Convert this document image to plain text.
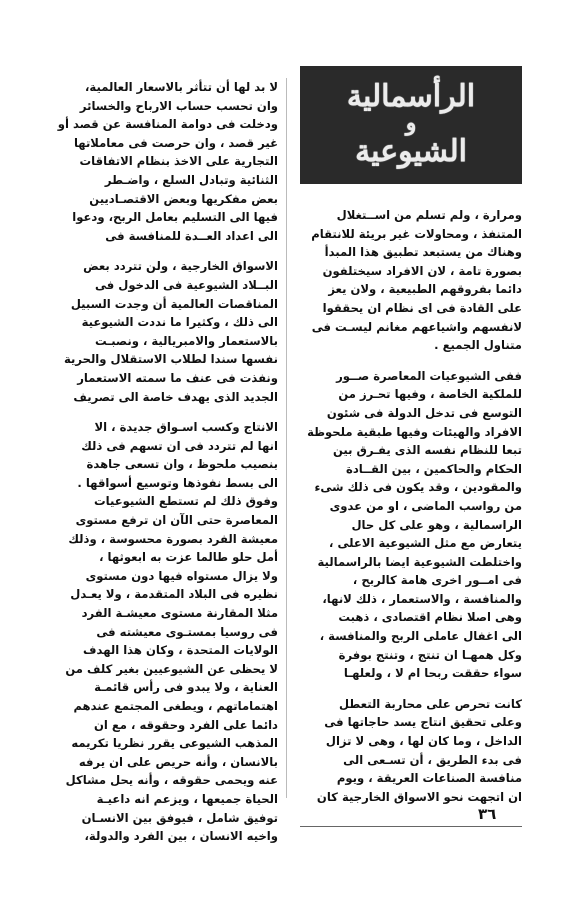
الرأسمالية
و
الشيوعية

ومرارة ، ولم تسلم من اســتغلال

المتنفذ ، ومحاولات غير بريئة للانتقام

وهناك من يستبعد تطبيق هذا المبدأ

بصورة تامة ، لان الافراد سيختلفون

دائما بفروقهم الطبيعية ، ولان يعز

على القادة فى اى نظام ان يحققوا

لانفسهم واشياعهم مغانم ليسـت فى

متناول الجميع .

ففى الشيوعيات المعاصرة صــور

للملكية الخاصة ، وفيها تحـرز من

التوسع فى تدخل الدولة فى شئون

الافراد والهيئات وفيها طبقية ملحوظة

تبعا للنظام نفسه الذى يفـرق بين

الحكام والحاكمين ، بين القــادة

والمقودين ، وقد يكون فى ذلك شىء

من رواسب الماضى ، او من عدوى

الراسمالية ، وهو على كل حال

يتعارض مع مثل الشيوعية الاعلى ،

واختلطت الشيوعية ايضا بالراسمالية

فى امــور اخرى هامة كالربح ،

والمنافسة ، والاستعمار ، ذلك لانها،

وهى اصلا نظام اقتصادى ، ذهبت

الى اغفال عاملى الربح والمنافسة ،

وكل همهـا ان تنتج ، وتنتج بوفرة

سواء حققت ربحا ام لا ، ولعلهـا

كانت تحرص على محاربة التعطل

وعلى تحقيق انتاج يسد حاجاتها فى

الداخل ، وما كان لها ، وهى لا تزال

فى بدء الطريق ، أن تسـعى الى

منافسة الصناعات العريقة ، ويوم

ان اتجهت نحو الاسواق الخارجية كان

لا بد لها أن تتأثر بالاسعار العالمية،

وان تحسب حساب الارباح والخسائر

ودخلت فى دوامة المنافسة عن قصد أو

غير قصد ، وان حرصت فى معاملاتها

التجارية على الاخذ بنظام الاتفاقات

الثنائية وتبادل السلع ، واضـطر

بعض مفكريها وبعض الاقتصـاديين

فيها الى التسليم بعامل الربح، ودعوا

الى اعداد العــدة للمنافسة فى

الاسواق الخارجية ، ولن تتردد بعض

البــلاد الشيوعية فى الدخول فى

المناقصات العالمية أن وجدت السبيل

الى ذلك ، وكثيرا ما نددت الشيوعية

بالاستعمار والامبريالية ، ونصبـت

نفسها سندا لطلاب الاستقلال والحرية

ونفذت فى عنف ما سمته الاستعمار

الجديد الذى يهدف خاصة الى تصريف

الانتاج وكسب اسـواق جديدة ، الا

انها لم تتردد فى ان تسهم فى ذلك

بنصيب ملحوظ ، وان تسعى جاهدة

الى بسط نفوذها وتوسيع أسواقها .

وفوق ذلك لم تستطع الشيوعيات

المعاصرة حتى الآن ان ترفع مستوى

معيشة الفرد بصورة محسوسة ، وذلك

أمل حلو طالما عزت به ابعوثها ،

ولا يزال مستواه فيها دون مستوى

نظيره فى البلاد المتقدمة ، ولا يعـدل

مثلا المقارنة مستوى معيشـة الفرد

فى روسيا بمستـوى معيشته فى

الولايات المتحدة ، وكان هذا الهدف

لا يحظى عن الشيوعيين بغير كلف من

العناية ، ولا يبدو فى رأس قائمـة

اهتماماتهم ، ويطغى المجتمع عندهم

دائما على الفرد وحقوقه ، مع ان

المذهب الشيوعى يقرر نظريا تكريمه

بالانسان ، وأنه حريص على ان يرفه

عنه ويحمى حقوقه ، وأنه يحل مشاكل

الحياة جميعها ، ويزعم انه داعيـة

توفيق شامل ، فيوفق بين الانسـان

واخيه الانسان ، بين الفرد والدولة،

٣٦
